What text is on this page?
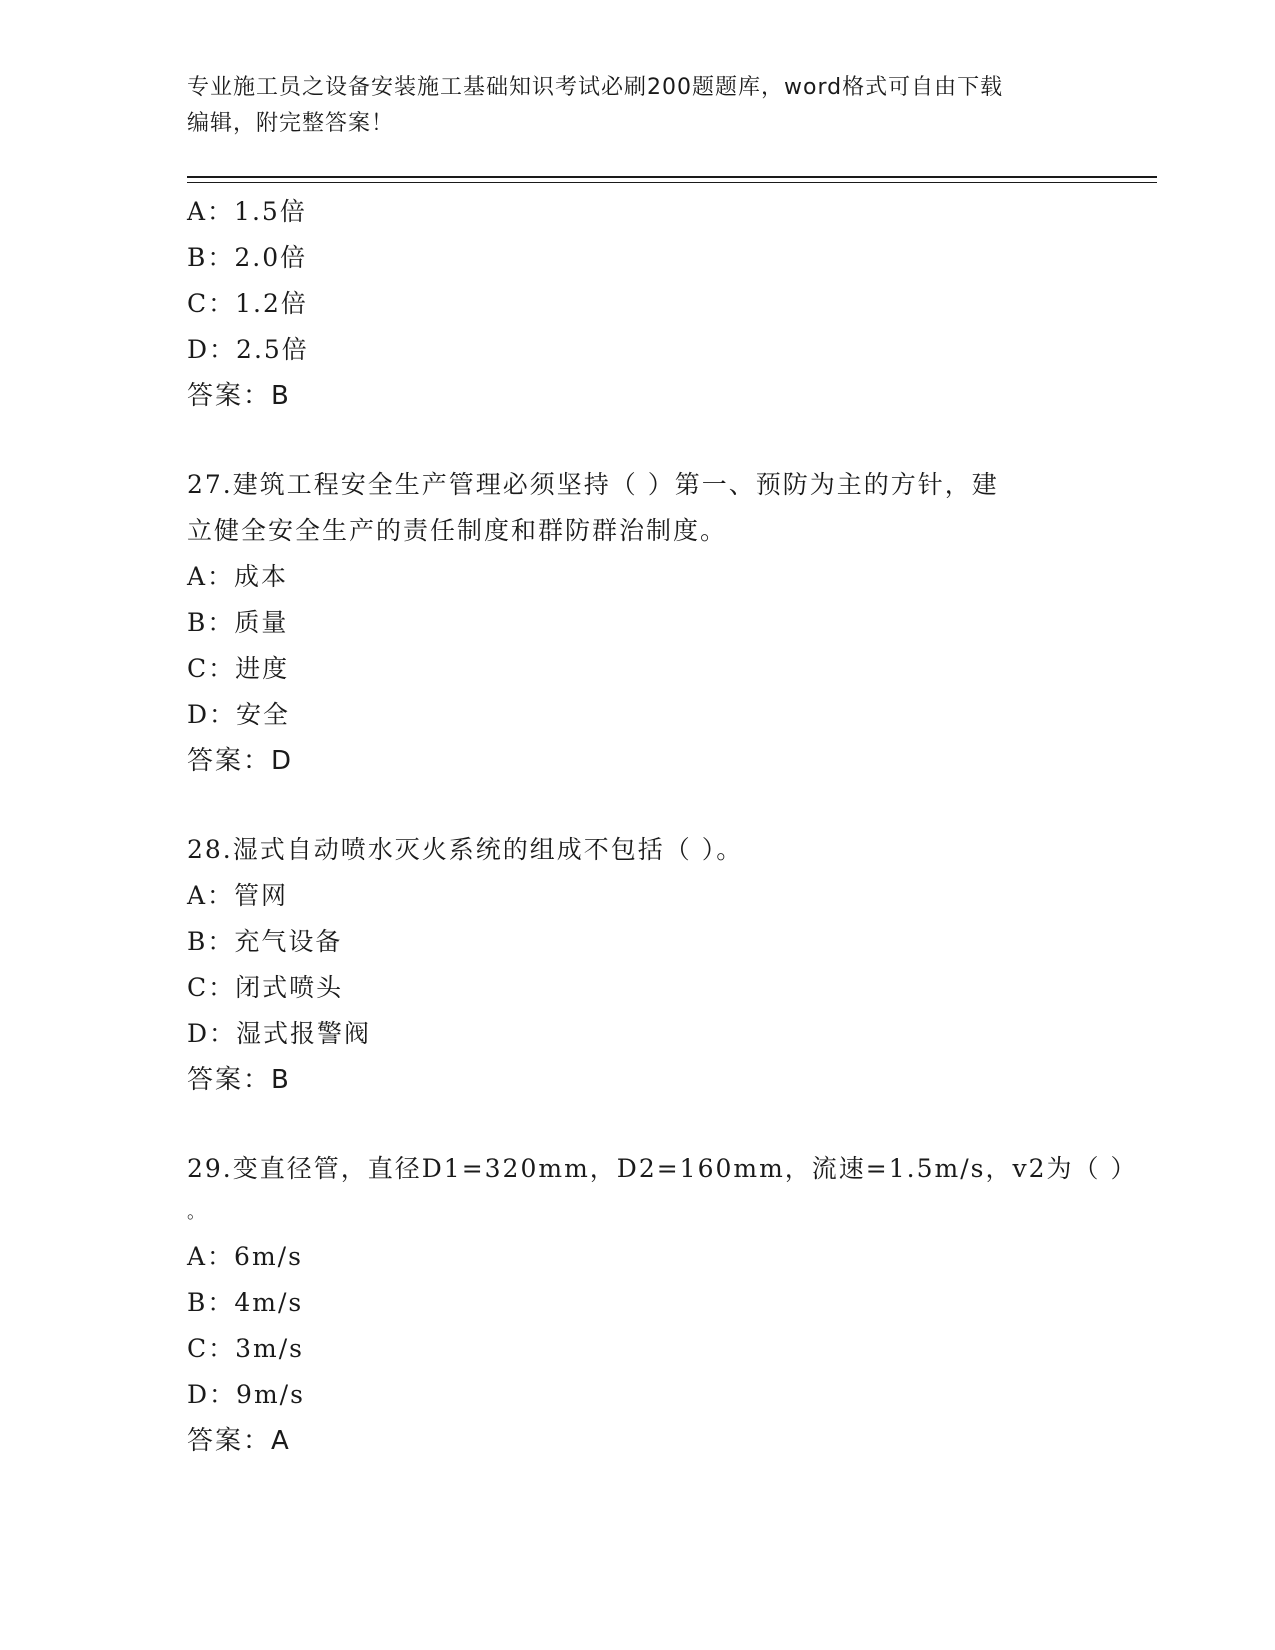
专业施工员之设备安装施工基础知识考试必刷200题题库，word格式可自由下载
编辑，附完整答案！
A：1.5倍
B：2.0倍
C：1.2倍
D：2.5倍
答案：B
27.建筑工程安全生产管理必须坚持（ ）第一、预防为主的方针，建
立健全安全生产的责任制度和群防群治制度。
A：成本
B：质量
C：进度
D：安全
答案：D
28.湿式自动喷水灭火系统的组成不包括（ ）。
A：管网
B：充气设备
C：闭式喷头
D：湿式报警阀
答案：B
29.变直径管，直径D1=320mm，D2=160mm，流速=1.5m/s，v2为（ ）
。
A：6m/s
B：4m/s
C：3m/s
D：9m/s
答案：A
